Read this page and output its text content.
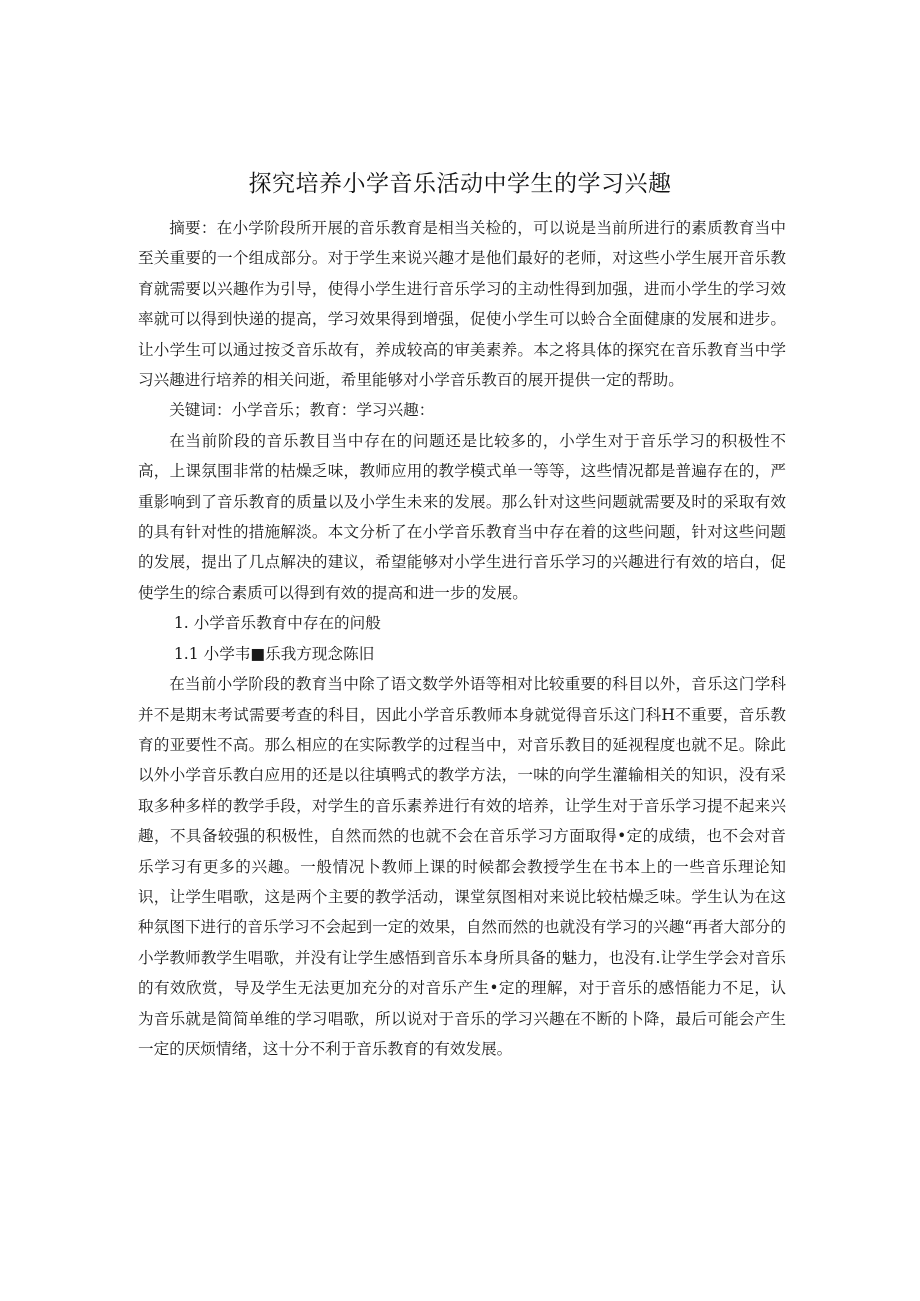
探究培养小学音乐活动中学生的学习兴趣

摘要：在小学阶段所开展的音乐教育是相当关检的，可以说是当前所进行的素质教育当中至关重要的一个组成部分。对于学生来说兴趣才是他们最好的老师，对这些小学生展开音乐教育就需要以兴趣作为引导，使得小学生进行音乐学习的主动性得到加强，进而小学生的学习效率就可以得到快递的提高，学习效果得到增强，促使小学生可以蛉合全面健康的发展和进步。让小学生可以通过按爻音乐故有，养成较高的审美素养。本之将具体的探究在音乐教育当中学习兴趣进行培养的相关问逝，希里能够对小学音乐教百的展开提供一定的帮助。

关键词：小学音乐；教育：学习兴趣：

在当前阶段的音乐教目当中存在的问题还是比较多的，小学生对于音乐学习的积极性不高，上课氛围非常的枯燥乏味，教师应用的教学模式单一等等，这些情况都是普遍存在的，严重影响到了音乐教育的质量以及小学生未来的发展。那么针对这些问题就需要及时的采取有效的具有针对性的措施解淡。本文分析了在小学音乐教育当中存在着的这些问题，针对这些问题的发展，提出了几点解决的建议，希望能够对小学生进行音乐学习的兴趣进行有效的培白，促使学生的综合素质可以得到有效的提高和进一步的发展。

1. 小学音乐教育中存在的问般

1.1 小学韦■乐我方现念陈旧

在当前小学阶段的教育当中除了语文数学外语等相对比较重要的科目以外，音乐这门学科并不是期末考试需要考查的科目，因此小学音乐教师本身就觉得音乐这门科H不重要，音乐教育的亚要性不高。那么相应的在实际教学的过程当中，对音乐教目的延视程度也就不足。除此以外小学音乐教白应用的还是以往填鸭式的教学方法，一味的向学生灌输相关的知识，没有采取多种多样的教学手段，对学生的音乐素养进行有效的培养，让学生对于音乐学习提不起来兴趣，不具备较强的积极性，自然而然的也就不会在音乐学习方面取得•定的成绩，也不会对音乐学习有更多的兴趣。一般情况卜教师上课的时候都会教授学生在书本上的一些音乐理论知识，让学生唱歌，这是两个主要的教学活动，课堂氛图相对来说比较枯燥乏味。学生认为在这种氛图下进行的音乐学习不会起到一定的效果，自然而然的也就没有学习的兴趣“再者大部分的小学教师教学生唱歌，并没有让学生感悟到音乐本身所具备的魅力，也没有.让学生学会对音乐的有效欣赏，导及学生无法更加充分的对音乐产生•定的理解，对于音乐的感悟能力不足，认为音乐就是简简单维的学习唱歌，所以说对于音乐的学习兴趣在不断的卜降，最后可能会产生一定的厌烦情绪，这十分不利于音乐教育的有效发展。
